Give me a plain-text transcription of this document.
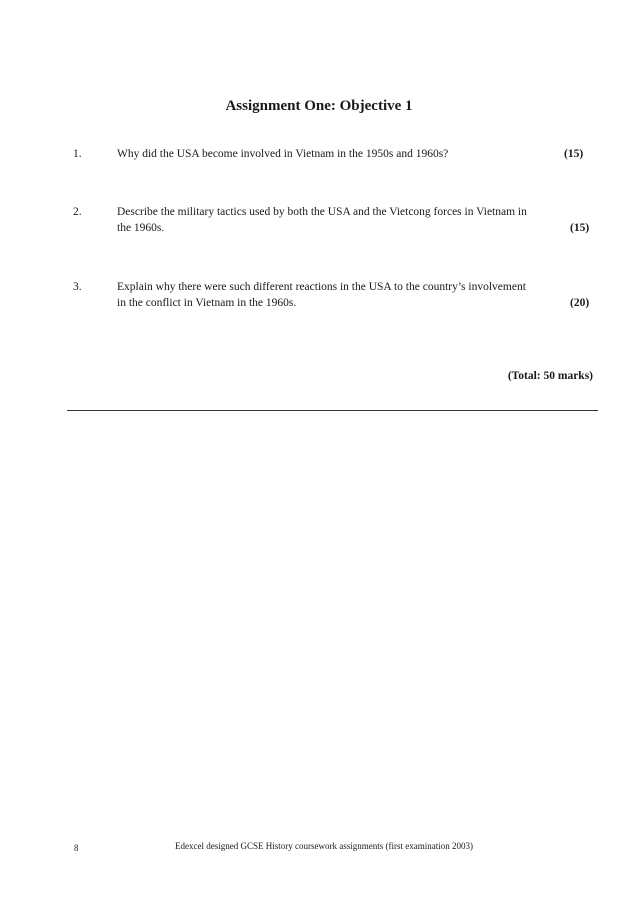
Assignment One: Objective 1
1.	Why did the USA become involved in Vietnam in the 1950s and 1960s?	(15)
2.	Describe the military tactics used by both the USA and the Vietcong forces in Vietnam in the 1960s.	(15)
3.	Explain why there were such different reactions in the USA to the country’s involvement in the conflict in Vietnam in the 1960s.	(20)
(Total: 50 marks)
8	Edexcel designed GCSE History coursework assignments (first examination 2003)
